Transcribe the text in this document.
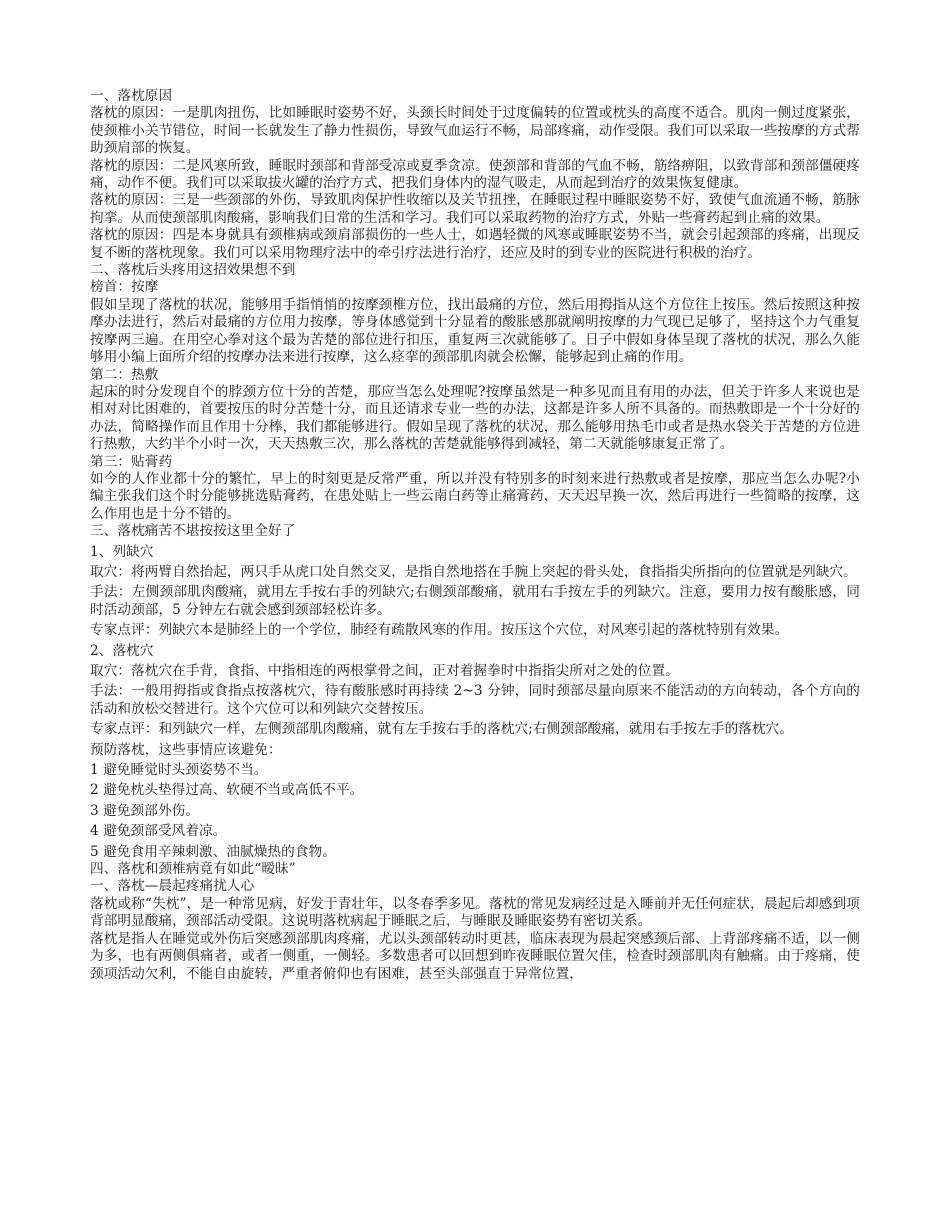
一、落枕原因

落枕的原因：一是肌肉扭伤，比如睡眠时姿势不好，头颈长时间处于过度偏转的位置或枕头的高度不适合。肌肉一侧过度紧张，使颈椎小关节错位，时间一长就发生了静力性损伤，导致气血运行不畅，局部疼痛，动作受限。我们可以采取一些按摩的方式帮助颈肩部的恢复。

落枕的原因：二是风寒所致，睡眠时颈部和背部受凉或夏季贪凉。使颈部和背部的气血不畅，筋络痹阻，以致背部和颈部僵硬疼痛，动作不便。我们可以采取拔火罐的治疗方式，把我们身体内的湿气吸走，从而起到治疗的效果恢复健康。

落枕的原因：三是一些颈部的外伤，导致肌肉保护性收缩以及关节扭挫，在睡眠过程中睡眠姿势不好，致使气血流通不畅，筋脉拘挛。从而使颈部肌肉酸痛，影响我们日常的生活和学习。我们可以采取药物的治疗方式，外贴一些膏药起到止痛的效果。

落枕的原因：四是本身就具有颈椎病或颈肩部损伤的一些人士，如遇轻微的风寒或睡眠姿势不当，就会引起颈部的疼痛，出现反复不断的落枕现象。我们可以采用物理疗法中的牵引疗法进行治疗，还应及时的到专业的医院进行积极的治疗。

二、落枕后头疼用这招效果想不到

榜首：按摩

假如呈现了落枕的状况，能够用手指悄悄的按摩颈椎方位，找出最痛的方位，然后用拇指从这个方位往上按压。然后按照这种按摩办法进行，然后对最痛的方位用力按摩，等身体感觉到十分显着的酸胀感那就阐明按摩的力气现已足够了，坚持这个力气重复按摩两三遍。在用空心拳对这个最为苦楚的部位进行扣压，重复两三次就能够了。日子中假如身体呈现了落枕的状况，那么久能够用小编上面所介绍的按摩办法来进行按摩，这么痉挛的颈部肌肉就会松懈，能够起到止痛的作用。

第二：热敷

起床的时分发现自个的脖颈方位十分的苦楚，那应当怎么处理呢?按摩虽然是一种多见而且有用的办法，但关于许多人来说也是相对对比困难的，首要按压的时分苦楚十分，而且还请求专业一些的办法，这都是许多人所不具备的。而热敷即是一个十分好的办法，简略操作而且作用十分棒，我们都能够进行。假如呈现了落枕的状况，那么能够用热毛巾或者是热水袋关于苦楚的方位进行热敷，大约半个小时一次，天天热敷三次，那么落枕的苦楚就能够得到减轻，第二天就能够康复正常了。

第三：贴膏药

如今的人作业都十分的繁忙，早上的时刻更是反常严重，所以并没有特别多的时刻来进行热敷或者是按摩，那应当怎么办呢?小编主张我们这个时分能够挑选贴膏药，在患处贴上一些云南白药等止痛膏药，天天迟早换一次，然后再进行一些简略的按摩，这么作用也是十分不错的。

三、落枕痛苦不堪按按这里全好了

1、列缺穴

取穴：将两臂自然抬起，两只手从虎口处自然交叉，是指自然地搭在手腕上突起的骨头处，食指指尖所指向的位置就是列缺穴。

手法：左侧颈部肌肉酸痛，就用左手按右手的列缺穴;右侧颈部酸痛，就用右手按左手的列缺穴。注意，要用力按有酸胀感，同时活动颈部，5 分钟左右就会感到颈部轻松许多。

专家点评：列缺穴本是肺经上的一个学位，肺经有疏散风寒的作用。按压这个穴位，对风寒引起的落枕特别有效果。

2、落枕穴

取穴：落枕穴在手背，食指、中指相连的两根掌骨之间，正对着握拳时中指指尖所对之处的位置。

手法：一般用拇指或食指点按落枕穴，待有酸胀感时再持续 2~3 分钟，同时颈部尽量向原来不能活动的方向转动，各个方向的活动和放松交替进行。这个穴位可以和列缺穴交替按压。

专家点评：和列缺穴一样，左侧颈部肌肉酸痛，就有左手按右手的落枕穴;右侧颈部酸痛，就用右手按左手的落枕穴。

预防落枕，这些事情应该避免：

1 避免睡觉时头颈姿势不当。

2 避免枕头垫得过高、软硬不当或高低不平。

3 避免颈部外伤。

4 避免颈部受风着凉。

5 避免食用辛辣刺激、油腻燥热的食物。

四、落枕和颈椎病竟有如此“暧昧”

一、落枕—晨起疼痛扰人心

落枕或称“失枕”，是一种常见病，好发于青壮年，以冬春季多见。落枕的常见发病经过是入睡前并无任何症状，晨起后却感到项背部明显酸痛，颈部活动受限。这说明落枕病起于睡眠之后，与睡眠及睡眠姿势有密切关系。

落枕是指人在睡觉或外伤后突感颈部肌肉疼痛，尤以头颈部转动时更甚，临床表现为晨起突感颈后部、上背部疼痛不适，以一侧为多，也有两侧俱痛者，或者一侧重，一侧轻。多数患者可以回想到昨夜睡眠位置欠佳，检查时颈部肌肉有触痛。由于疼痛，使颈项活动欠利，不能自由旋转，严重者俯仰也有困难，甚至头部强直于异常位置，
